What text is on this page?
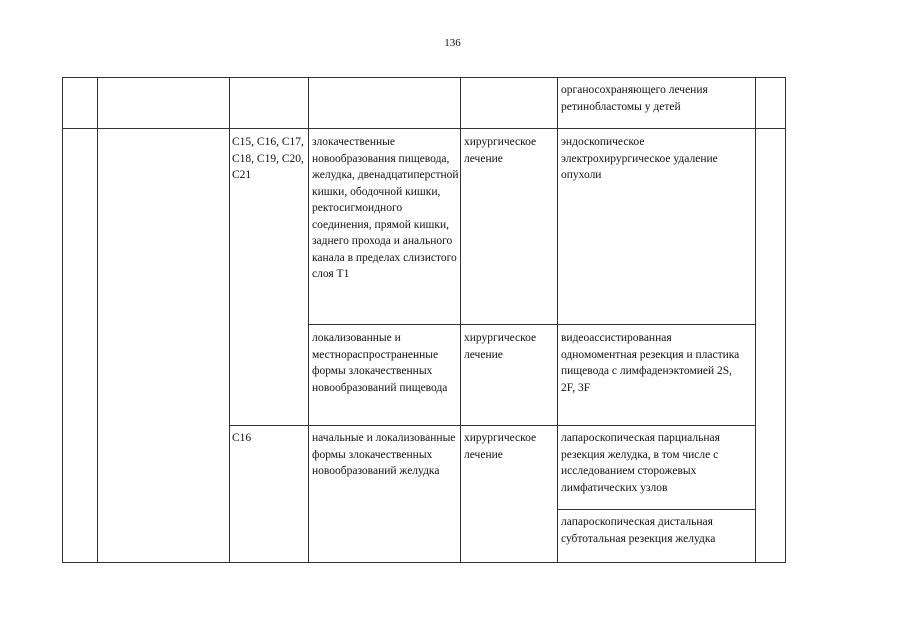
136
органосохраняющего лечения ретинобластомы у детей
C15, C16, C17, C18, C19, C20, C21
злокачественные новообразования пищевода, желудка, двенадцатиперстной кишки, ободочной кишки, ректосигмоидного соединения, прямой кишки, заднего прохода и анального канала в пределах слизистого слоя T1
хирургическое лечение
эндоскопическое электрохирургическое удаление опухоли
локализованные и местнораспространенные формы злокачественных новообразований пищевода
хирургическое лечение
видеоассистированная одномоментная резекция и пластика пищевода с лимфаденэктомией 2S, 2F, 3F
C16	начальные и локализованные формы злокачественных новообразований желудка
хирургическое лечение
лапароскопическая парциальная резекция желудка, в том числе с исследованием сторожевых лимфатических узлов
лапароскопическая дистальная субтотальная резекция желудка
